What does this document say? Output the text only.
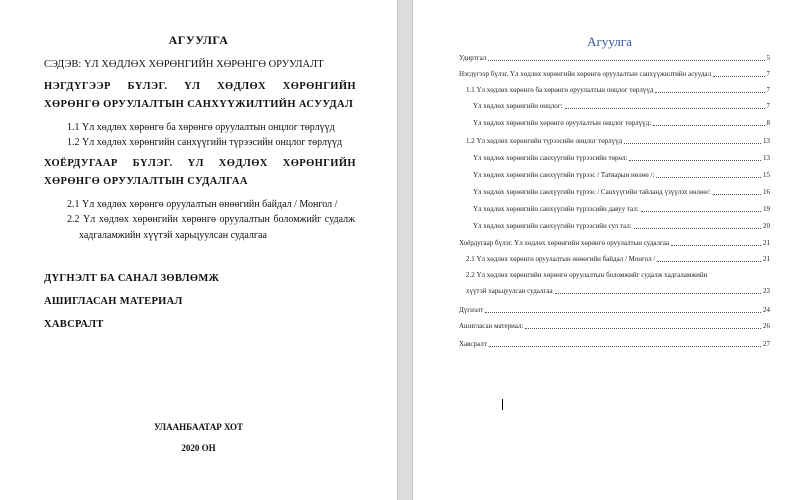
АГУУЛГА
СЭДЭВ: ҮЛ ХӨДЛӨХ ХӨРӨНГИЙН ХӨРӨНГӨ ОРУУЛАЛТ
НЭГДҮГЭЭР БҮЛЭГ. ҮЛ ХӨДЛӨХ ХӨРӨНГИЙН ХӨРӨНГӨ ОРУУЛАЛТЫН САНХҮҮЖИЛТИЙН АСУУДАЛ
1.1 Үл хөдлөх хөрөнгө ба хөрөнгө оруулалтын онцлог төрлүүд
1.2 Үл хөдлөх хөрөнгийн санхүүгийн түрээсийн онцлог төрлүүд
ХОЁРДУГААР БҮЛЭГ. ҮЛ ХӨДЛӨХ ХӨРӨНГИЙН ХӨРӨНГӨ ОРУУЛАЛТЫН СУДАЛГАА
2.1 Үл хөдлөх хөрөнгө оруулалтын өнөөгийн байдал / Монгол /
2.2 Үл хөдлөх хөрөнгийн хөрөнгө оруулалтын боломжийг судалж
хадгаламжийн хүүтэй харьцуулсан судалгаа
ДҮГНЭЛТ БА САНАЛ ЗӨВЛӨМЖ
АШИГЛАСАН МАТЕРИАЛ
ХАВСРАЛТ
УЛААНБААТАР ХОТ
2020 ОН
Агуулга
Удиртгал	5
Нэгдүгээр бүлэг. Үл хөдлөх хөрөнгийн хөрөнгө оруулалтын санхүүжилтийн асуудал	7
1.1 Үл хөдлөх хөрөнгө ба хөрөнгө оруулалтын онцлог төрлүүд	7
Үл хөдлөх хөрөнгийн онцлог:	7
Үл хөдлөх хөрөнгийн хөрөнгө оруулалтын онцлог төрлүүд:	8
1.2 Үл хөдлөх хөрөнгийн түрээсийн онцлог төрлүүд	13
Үл хөдлөх хөрөнгийн санхүүгийн түрээсийн төрөл:	13
Үл хөдлөх хөрөнгийн санхүүгийн түрээс / Татварын нөлөө /:	15
Үл хөдлөх хөрөнгийн санхүүгийн түрээс / Санхүүгийн тайланд үзүүлэх нөлөө/:	16
Үл хөдлөх хөрөнгийн санхүүгийн түрээсийн давуу тал:	19
Үл хөдлөх хөрөнгийн санхүүгийн түрээсийн сул тал:	20
Хоёрдугаар бүлэг. Үл хөдлөх хөрөнгийн хөрөнгө оруулалтын судалгаа	21
2.1 Үл хөдлөх хөрөнгө оруулалтын өнөөгийн байдал / Монгол /	21
2.2 Үл хөдлөх хөрөнгийн хөрөнгө оруулалтын боломжийг судалж хадгаламжийн
хүүтэй харьцуулсан судалгаа	23
Дүгнэлт	24
Ашигласан материал:	26
Хавсралт	27
